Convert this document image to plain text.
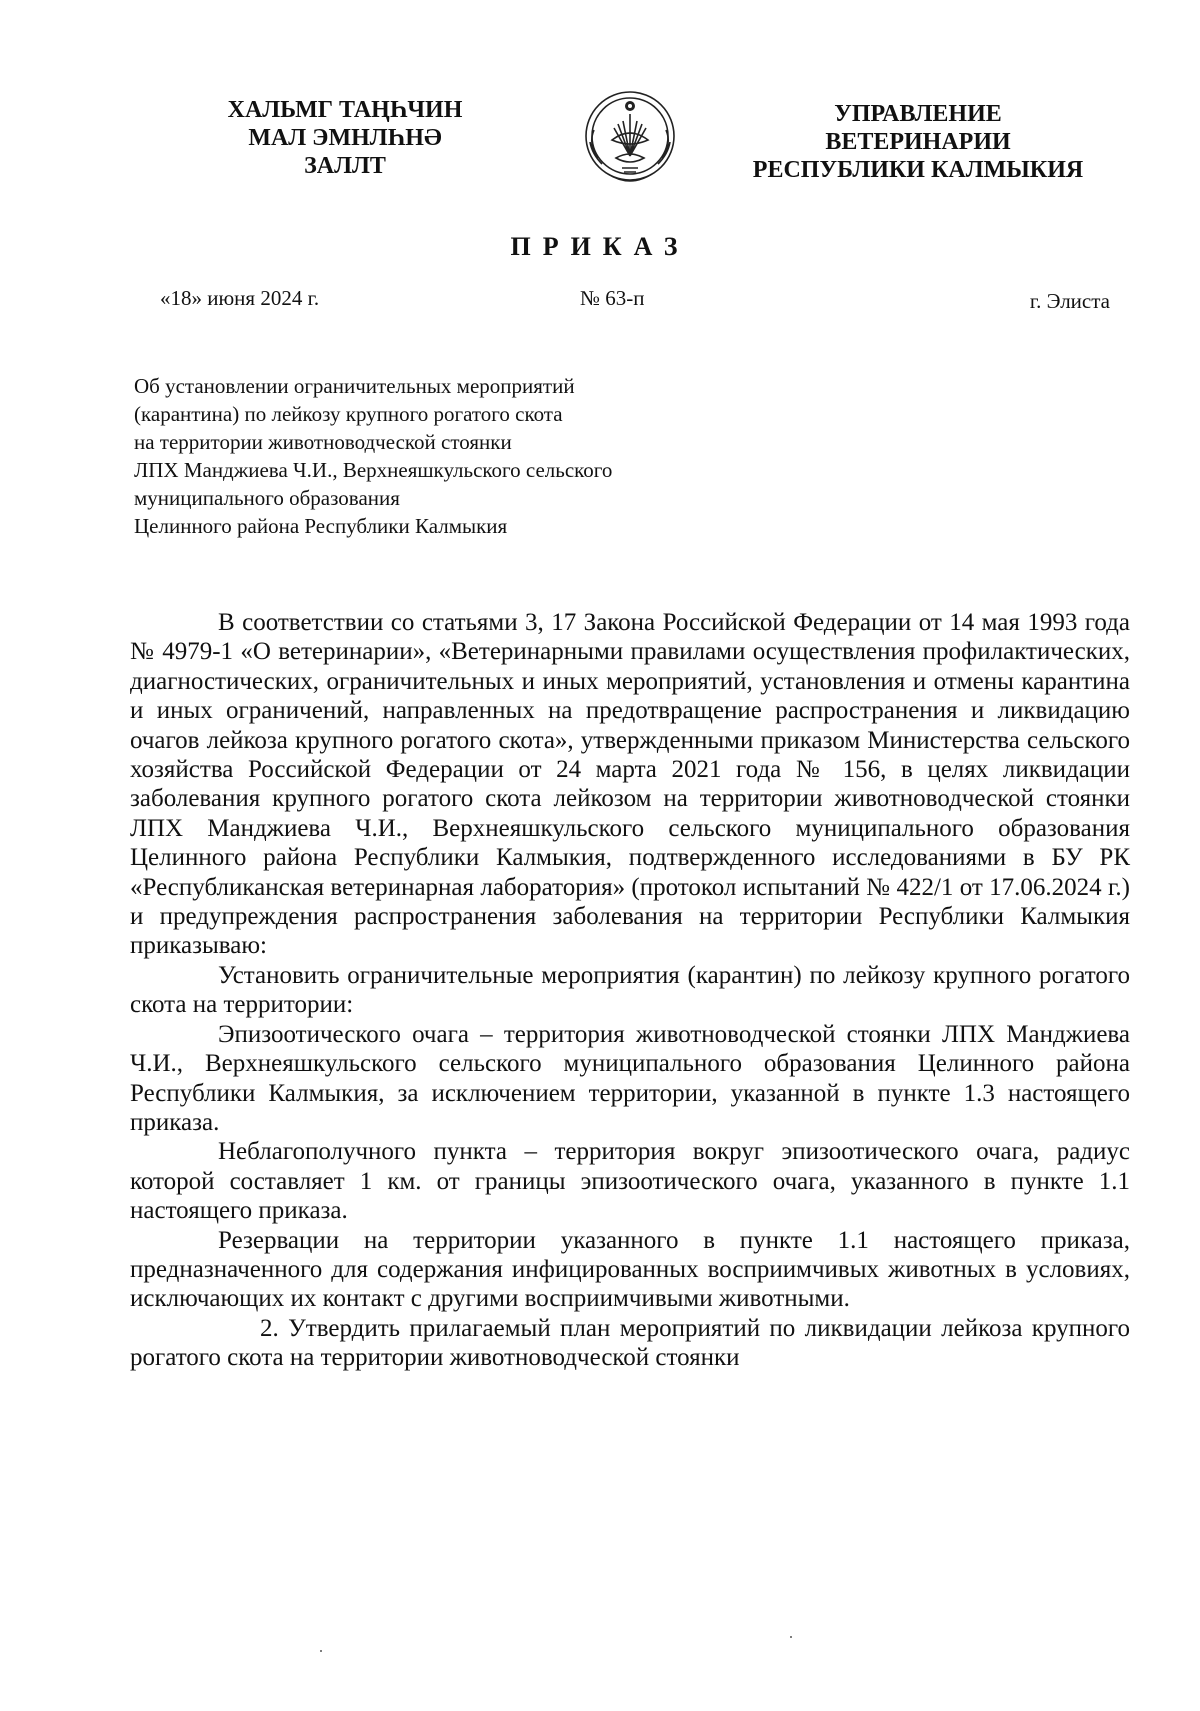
ХАЛЬМГ ТАҢҺЧИН
МАЛ ЭМНЛҺНӘ
ЗАЛЛТ
УПРАВЛЕНИЕ
ВЕТЕРИНАРИИ
РЕСПУБЛИКИ КАЛМЫКИЯ
ПРИКАЗ
«18» июня 2024 г.	№ 63-п	г. Элиста
Об установлении ограничительных мероприятий
(карантина) по лейкозу крупного рогатого скота
на территории животноводческой стоянки
ЛПХ Манджиева Ч.И., Верхнеяшкульского сельского
муниципального образования
Целинного района Республики Калмыкия

В соответствии со статьями 3, 17 Закона Российской Федерации от 14 мая 1993 года № 4979-1 «О ветеринарии», «Ветеринарными правилами осуществления профилактических, диагностических, ограничительных и иных мероприятий, установления и отмены карантина и иных ограничений, направленных на предотвращение распространения и ликвидацию очагов лейкоза крупного рогатого скота», утвержденными приказом Министерства сельского хозяйства Российской Федерации от 24 марта 2021 года № 156, в целях ликвидации заболевания крупного рогатого скота лейкозом на территории животноводческой стоянки ЛПХ Манджиева Ч.И., Верхнеяшкульского сельского муниципального образования Целинного района Республики Калмыкия, подтвержденного исследованиями в БУ РК «Республиканская ветеринарная лаборатория» (протокол испытаний № 422/1 от 17.06.2024 г.) и предупреждения распространения заболевания на территории Республики Калмыкия приказываю:

Установить ограничительные мероприятия (карантин) по лейкозу крупного рогатого скота на территории:

Эпизоотического очага – территория животноводческой стоянки ЛПХ Манджиева Ч.И., Верхнеяшкульского сельского муниципального образования Целинного района Республики Калмыкия, за исключением территории, указанной в пункте 1.3 настоящего приказа.

Неблагополучного пункта – территория вокруг эпизоотического очага, радиус которой составляет 1 км. от границы эпизоотического очага, указанного в пункте 1.1 настоящего приказа.

Резервации на территории указанного в пункте 1.1 настоящего приказа, предназначенного для содержания инфицированных восприимчивых животных в условиях, исключающих их контакт с другими восприимчивыми животными.

2. Утвердить прилагаемый план мероприятий по ликвидации лейкоза крупного рогатого скота на территории животноводческой стоянки
